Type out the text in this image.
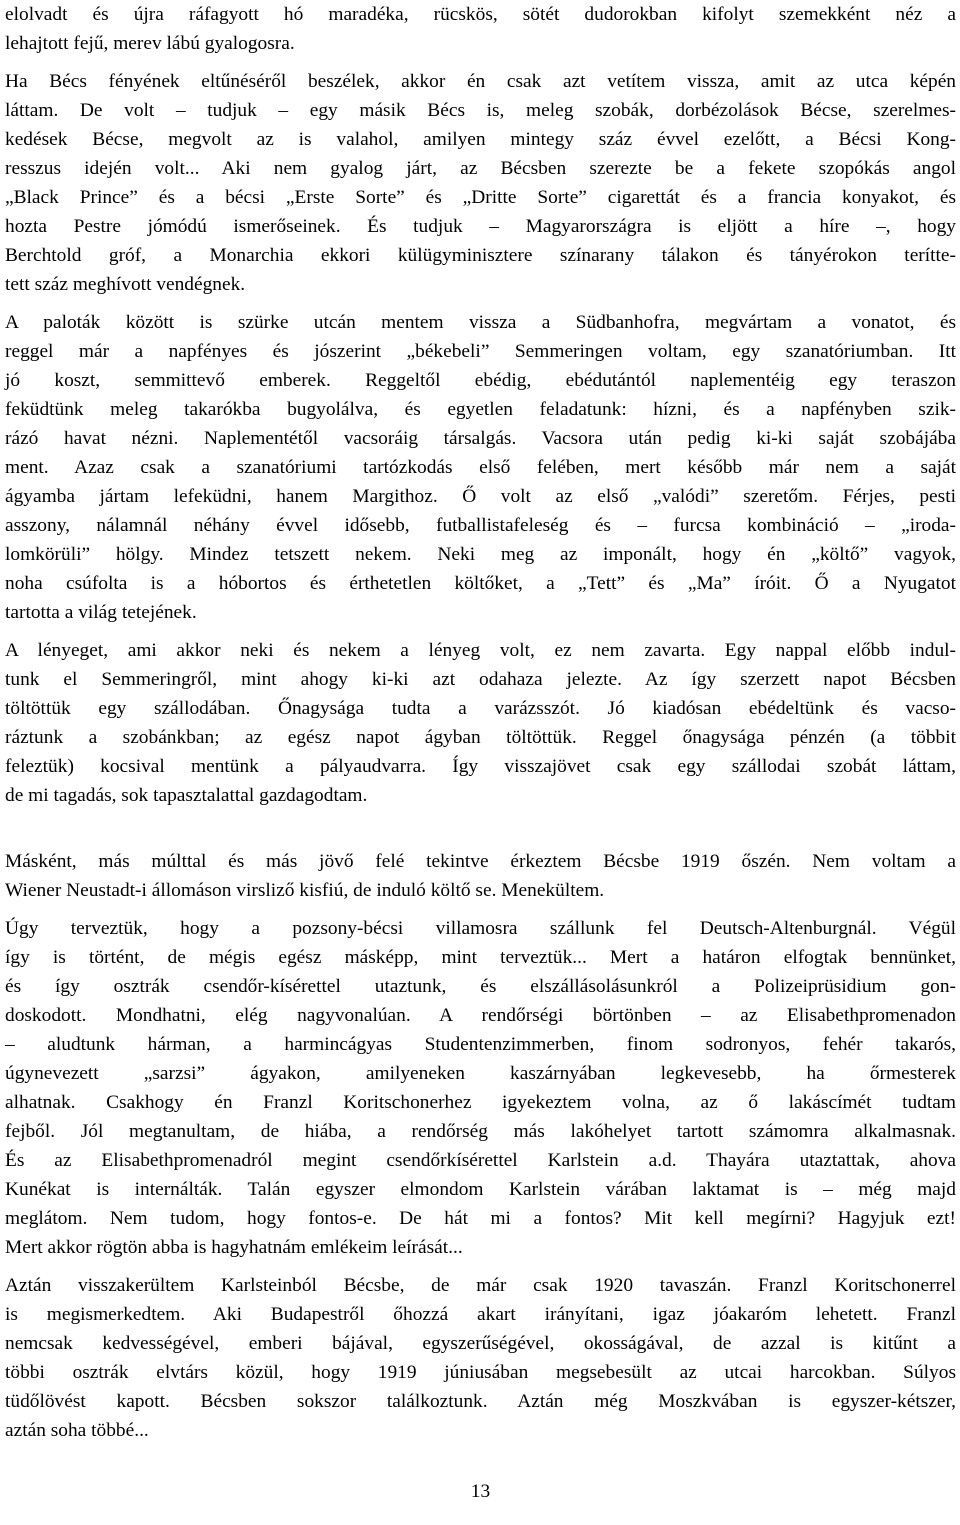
elolvadt és újra ráfagyott hó maradéka, rücskös, sötét dudorokban kifolyt szemekként néz a
lehajtott fejű, merev lábú gyalogosra.

Ha Bécs fényének eltűnéséről beszélek, akkor én csak azt vetítem vissza, amit az utca képén
láttam. De volt – tudjuk – egy másik Bécs is, meleg szobák, dorbézolások Bécse, szerelmes-
kedések Bécse, megvolt az is valahol, amilyen mintegy száz évvel ezelőtt, a Bécsi Kong-
resszus idején volt... Aki nem gyalog járt, az Bécsben szerezte be a fekete szopókás angol
„Black Prince” és a bécsi „Erste Sorte” és „Dritte Sorte” cigarettát és a francia konyakot, és
hozta Pestre jómódú ismerőseinek. És tudjuk – Magyarországra is eljött a híre –, hogy
Berchtold gróf, a Monarchia ekkori külügyminisztere színarany tálakon és tányérokon terítte-
tett száz meghívott vendégnek.

A paloták között is szürke utcán mentem vissza a Südbanhofra, megvártam a vonatot, és
reggel már a napfényes és jószerint „békebeli” Semmeringen voltam, egy szanatóriumban. Itt
jó koszt, semmittevő emberek. Reggeltől ebédig, ebédutántól naplementéig egy teraszon
feküdtünk meleg takarókba bugyolálva, és egyetlen feladatunk: hízni, és a napfényben szik-
rázó havat nézni. Naplementétől vacsoráig társalgás. Vacsora után pedig ki-ki saját szobájába
ment. Azaz csak a szanatóriumi tartózkodás első felében, mert később már nem a saját
ágyamba jártam lefeküdni, hanem Margithoz. Ő volt az első „valódi” szeretőm. Férjes, pesti
asszony, nálamnál néhány évvel idősebb, futballistafeleség és – furcsa kombináció – „iroda-
lomkörüli” hölgy. Mindez tetszett nekem. Neki meg az imponált, hogy én „költő” vagyok,
noha csúfolta is a hóbortos és érthetetlen költőket, a „Tett” és „Ma” íróit. Ő a Nyugatot
tartotta a világ tetejének.

A lényeget, ami akkor neki és nekem a lényeg volt, ez nem zavarta. Egy nappal előbb indul-
tunk el Semmeringről, mint ahogy ki-ki azt odahaza jelezte. Az így szerzett napot Bécsben
töltöttük egy szállodában. Őnagysága tudta a varázsszót. Jó kiadósan ebédeltünk és vacso-
ráztunk a szobánkban; az egész napot ágyban töltöttük. Reggel őnagysága pénzén (a többit
feleztük) kocsival mentünk a pályaudvarra. Így visszajövet csak egy szállodai szobát láttam,
de mi tagadás, sok tapasztalattal gazdagodtam.

Másként, más múlttal és más jövő felé tekintve érkeztem Bécsbe 1919 őszén. Nem voltam a
Wiener Neustadt-i állomáson virsliző kisfiú, de induló költő se. Menekültem.

Úgy terveztük, hogy a pozsony-bécsi villamosra szállunk fel Deutsch-Altenburgnál. Végül
így is történt, de mégis egész másképp, mint terveztük... Mert a határon elfogtak bennünket,
és így osztrák csendőr-kísérettel utaztunk, és elszállásolásunkról a Polizeiprüsidium gon-
doskodott. Mondhatni, elég nagyvonalúan. A rendőrségi börtönben – az Elisabethpromenadon
– aludtunk hárman, a harmincágyas Studentenzimmerben, finom sodronyos, fehér takarós,
úgynevezett „sarzsi” ágyakon, amilyeneken kaszárnyában legkevesebb, ha őrmesterek
alhatnak. Csakhogy én Franzl Koritschonerhez igyekeztem volna, az ő lakáscímét tudtam
fejből. Jól megtanultam, de hiába, a rendőrség más lakóhelyet tartott számomra alkalmasnak.
És az Elisabethpromenadról megint csendőrkísérettel Karlstein a.d. Thayára utaztattak, ahova
Kunékat is internálták. Talán egyszer elmondom Karlstein várában laktamat is – még majd
meglátom. Nem tudom, hogy fontos-e. De hát mi a fontos? Mit kell megírni? Hagyjuk ezt!
Mert akkor rögtön abba is hagyhatnám emlékeim leírását...

Aztán visszakerültem Karlsteinból Bécsbe, de már csak 1920 tavaszán. Franzl Koritschonerrel
is megismerkedtem. Aki Budapestről őhozzá akart irányítani, igaz jóakaróm lehetett. Franzl
nemcsak kedvességével, emberi bájával, egyszerűségével, okosságával, de azzal is kitűnt a
többi osztrák elvtárs közül, hogy 1919 júniusában megsebesült az utcai harcokban. Súlyos
tüdőlövést kapott. Bécsben sokszor találkoztunk. Aztán még Moszkvában is egyszer-kétszer,
aztán soha többé...

13
